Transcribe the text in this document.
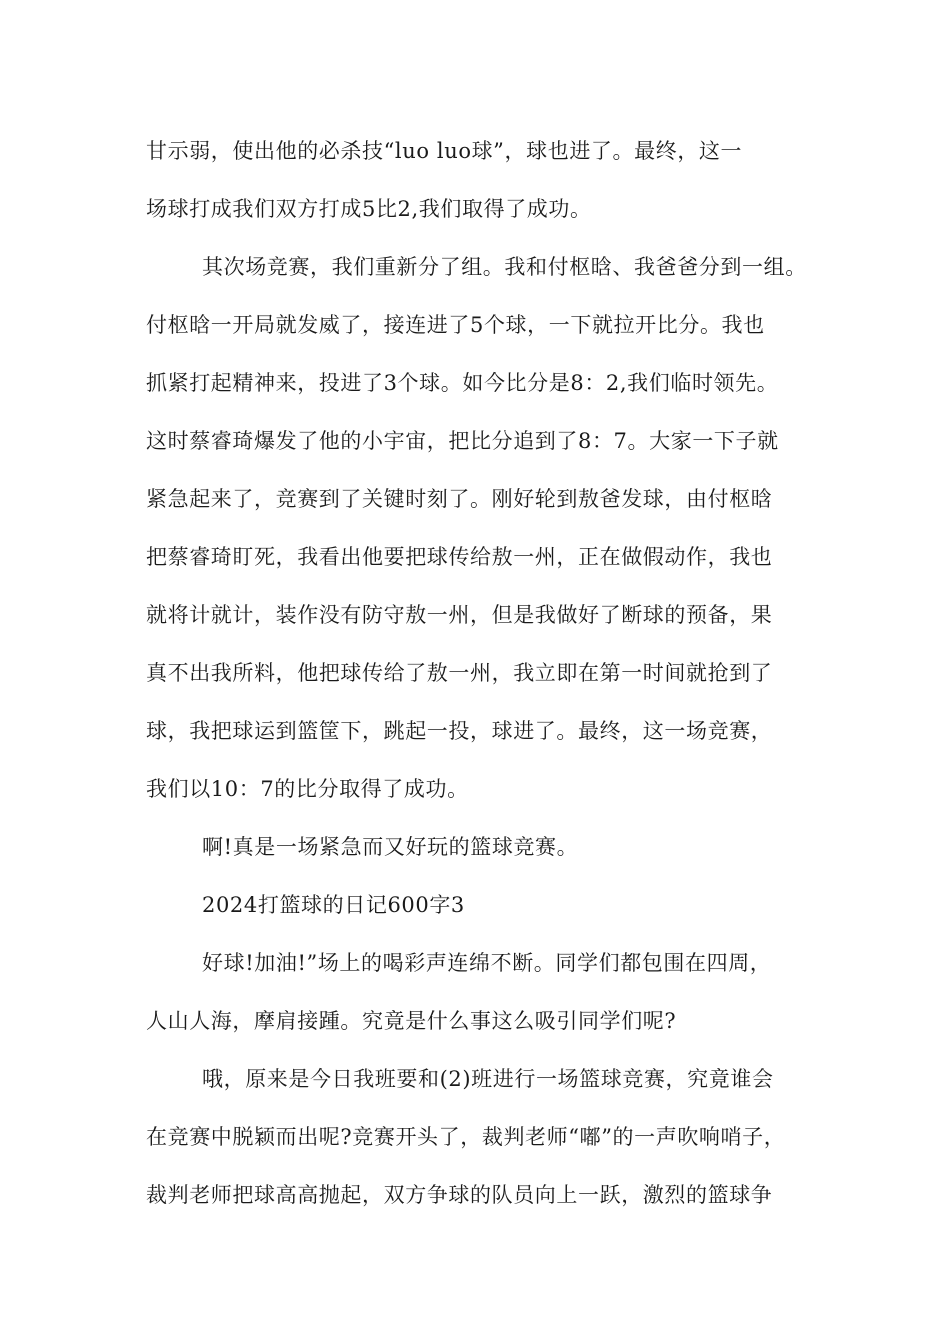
甘示弱，使出他的必杀技“luo luo球”，球也进了。最终，这一
场球打成我们双方打成5比2,我们取得了成功。
其次场竞赛，我们重新分了组。我和付枢晗、我爸爸分到一组。
付枢晗一开局就发威了，接连进了5个球，一下就拉开比分。我也
抓紧打起精神来，投进了3个球。如今比分是8：2,我们临时领先。
这时蔡睿琦爆发了他的小宇宙，把比分追到了8：7。大家一下子就
紧急起来了，竞赛到了关键时刻了。刚好轮到敖爸发球，由付枢晗
把蔡睿琦盯死，我看出他要把球传给敖一州，正在做假动作，我也
就将计就计，装作没有防守敖一州，但是我做好了断球的预备，果
真不出我所料，他把球传给了敖一州，我立即在第一时间就抢到了
球，我把球运到篮筐下，跳起一投，球进了。最终，这一场竞赛，
我们以10：7的比分取得了成功。
啊!真是一场紧急而又好玩的篮球竞赛。
2024打篮球的日记600字3
好球!加油!”场上的喝彩声连绵不断。同学们都包围在四周，
人山人海，摩肩接踵。究竟是什么事这么吸引同学们呢?
哦，原来是今日我班要和(2)班进行一场篮球竞赛，究竟谁会
在竞赛中脱颖而出呢?竞赛开头了，裁判老师“嘟”的一声吹响哨子，
裁判老师把球高高抛起，双方争球的队员向上一跃，激烈的篮球争
